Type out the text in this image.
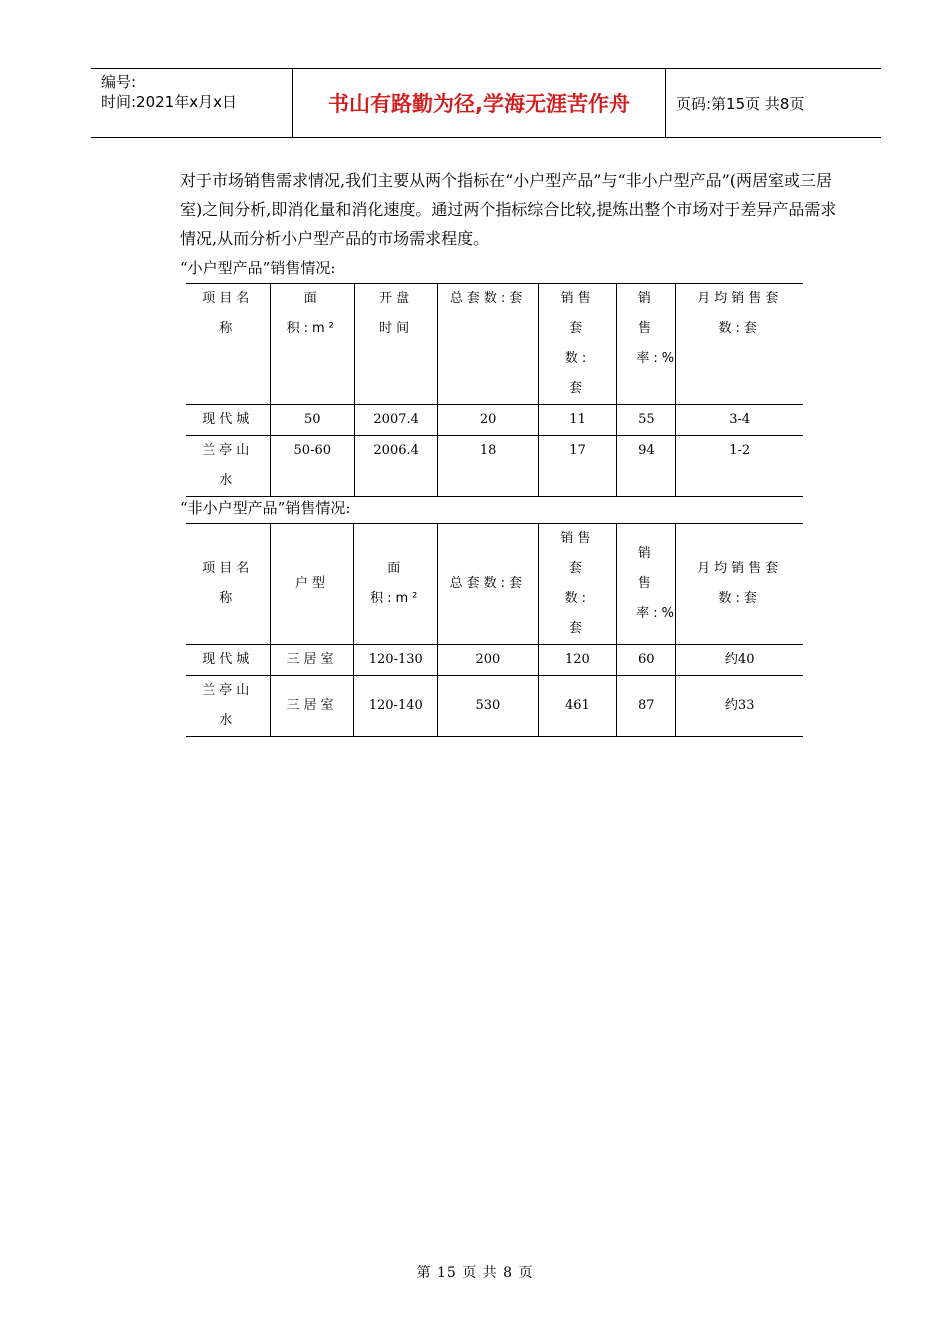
编号:
时间:2021年x月x日	书山有路勤为径,学海无涯苦作舟	页码:第15页 共8页
对于市场销售需求情况,我们主要从两个指标在“小户型产品”与“非小户型产品”(两居室或三居室)之间分析,即消化量和消化速度。通过两个指标综合比较,提炼出整个市场对于差异产品需求情况,从而分析小户型产品的市场需求程度。
“小户型产品”销售情况:
项目名称	面积:m²	开盘时间	总套数:套	销售套数:套	销售率:%	月均销售套数:套

现代城	50	2007.4	20	11	55	3-4

兰亭山水	50-60	2006.4	18	17	94	1-2
“非小户型产品”销售情况:
项目名称	户型	面积:m²	总套数:套	销售套数:套	销售率:%	月均销售套数:套

现代城	三居室	120-130	200	120	60	约40

兰亭山水	三居室	120-140	530	461	87	约33
第 15 页 共 8 页
